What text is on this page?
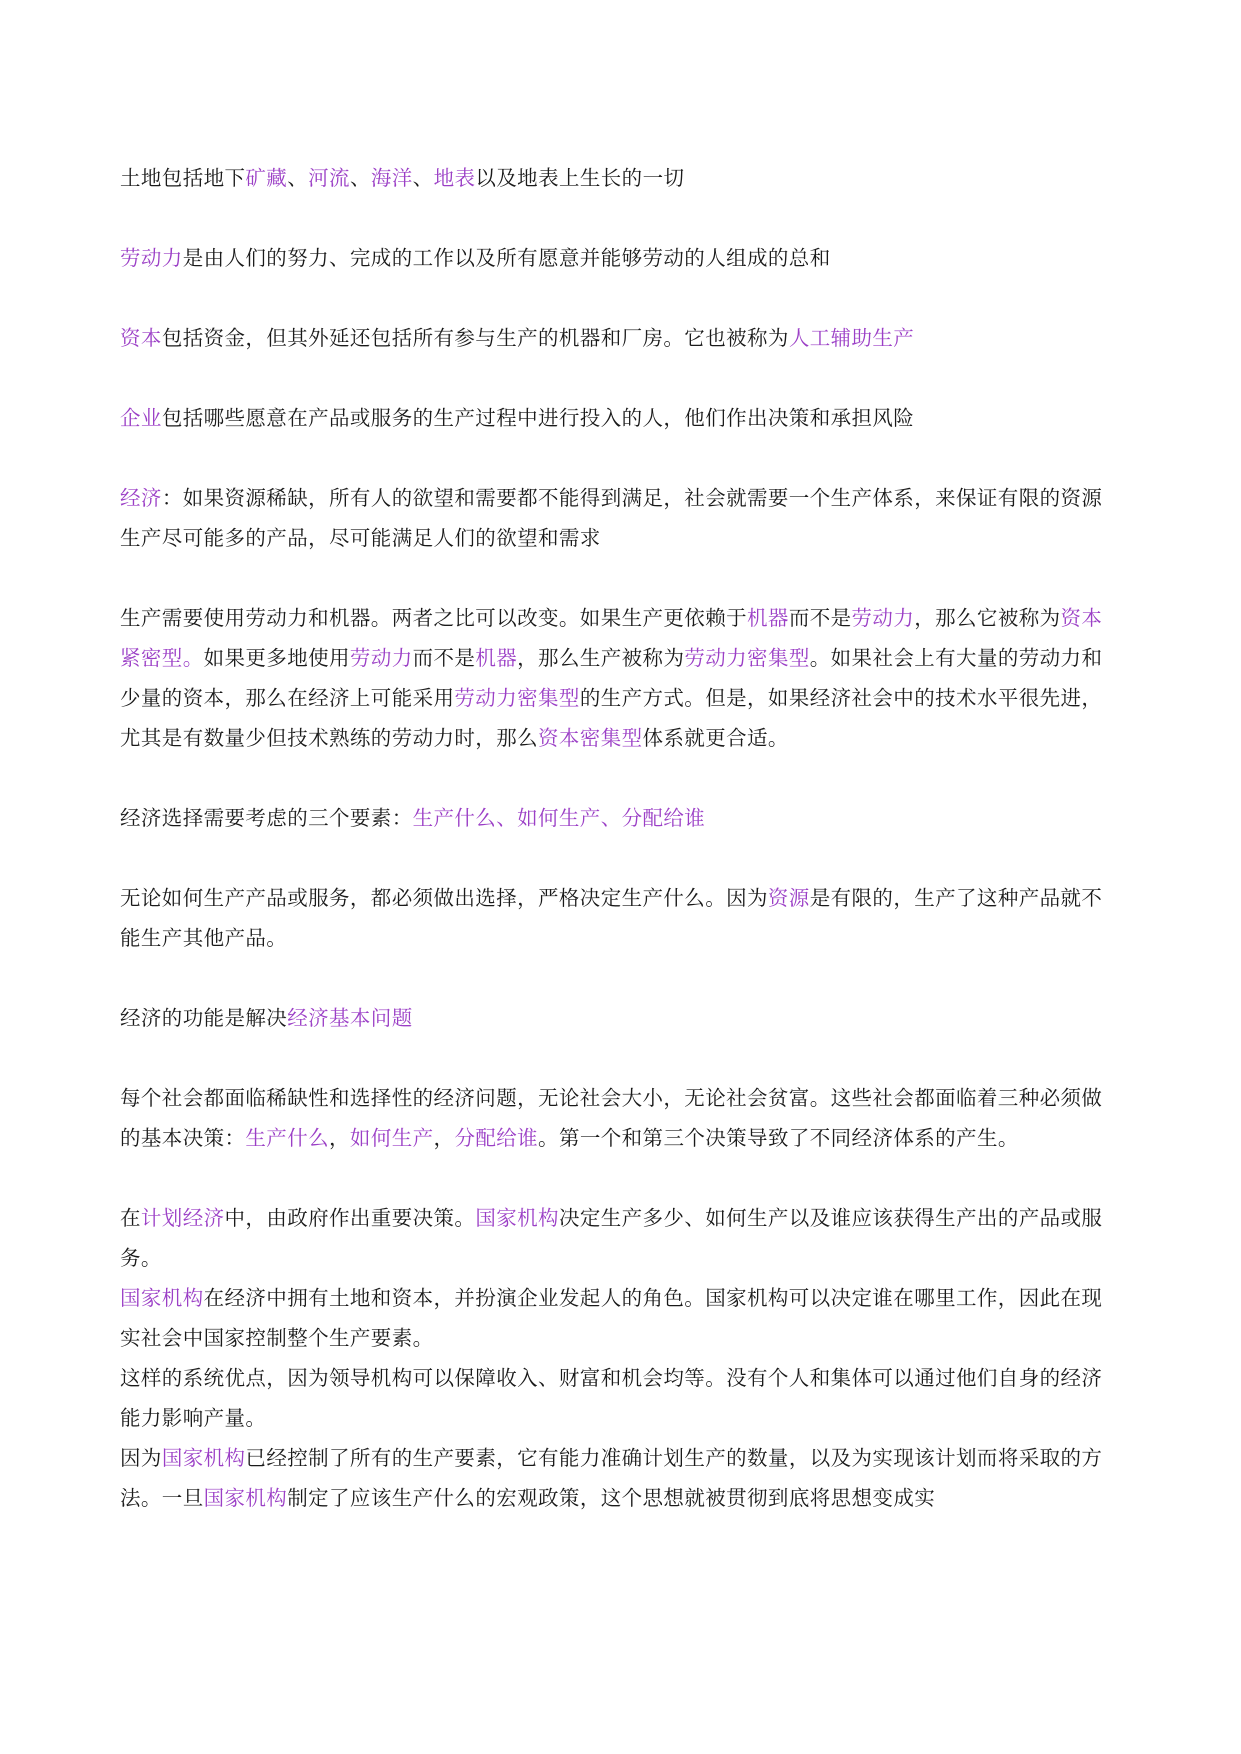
土地包括地下矿藏、河流、海洋、地表以及地表上生长的一切

劳动力是由人们的努力、完成的工作以及所有愿意并能够劳动的人组成的总和

资本包括资金，但其外延还包括所有参与生产的机器和厂房。它也被称为人工辅助生产

企业包括哪些愿意在产品或服务的生产过程中进行投入的人，他们作出决策和承担风险

经济：如果资源稀缺，所有人的欲望和需要都不能得到满足，社会就需要一个生产体系，来保证有限的资源生产尽可能多的产品，尽可能满足人们的欲望和需求

生产需要使用劳动力和机器。两者之比可以改变。如果生产更依赖于机器而不是劳动力，那么它被称为资本紧密型。如果更多地使用劳动力而不是机器，那么生产被称为劳动力密集型。如果社会上有大量的劳动力和少量的资本，那么在经济上可能采用劳动力密集型的生产方式。但是，如果经济社会中的技术水平很先进，尤其是有数量少但技术熟练的劳动力时，那么资本密集型体系就更合适。

经济选择需要考虑的三个要素：生产什么、如何生产、分配给谁

无论如何生产产品或服务，都必须做出选择，严格决定生产什么。因为资源是有限的，生产了这种产品就不能生产其他产品。

经济的功能是解决经济基本问题

每个社会都面临稀缺性和选择性的经济问题，无论社会大小，无论社会贫富。这些社会都面临着三种必须做的基本决策：生产什么，如何生产，分配给谁。第一个和第三个决策导致了不同经济体系的产生。

在计划经济中，由政府作出重要决策。国家机构决定生产多少、如何生产以及谁应该获得生产出的产品或服务。

国家机构在经济中拥有土地和资本，并扮演企业发起人的角色。国家机构可以决定谁在哪里工作，因此在现实社会中国家控制整个生产要素。

这样的系统优点，因为领导机构可以保障收入、财富和机会均等。没有个人和集体可以通过他们自身的经济能力影响产量。

因为国家机构已经控制了所有的生产要素，它有能力准确计划生产的数量，以及为实现该计划而将采取的方法。一旦国家机构制定了应该生产什么的宏观政策，这个思想就被贯彻到底将思想变成实
